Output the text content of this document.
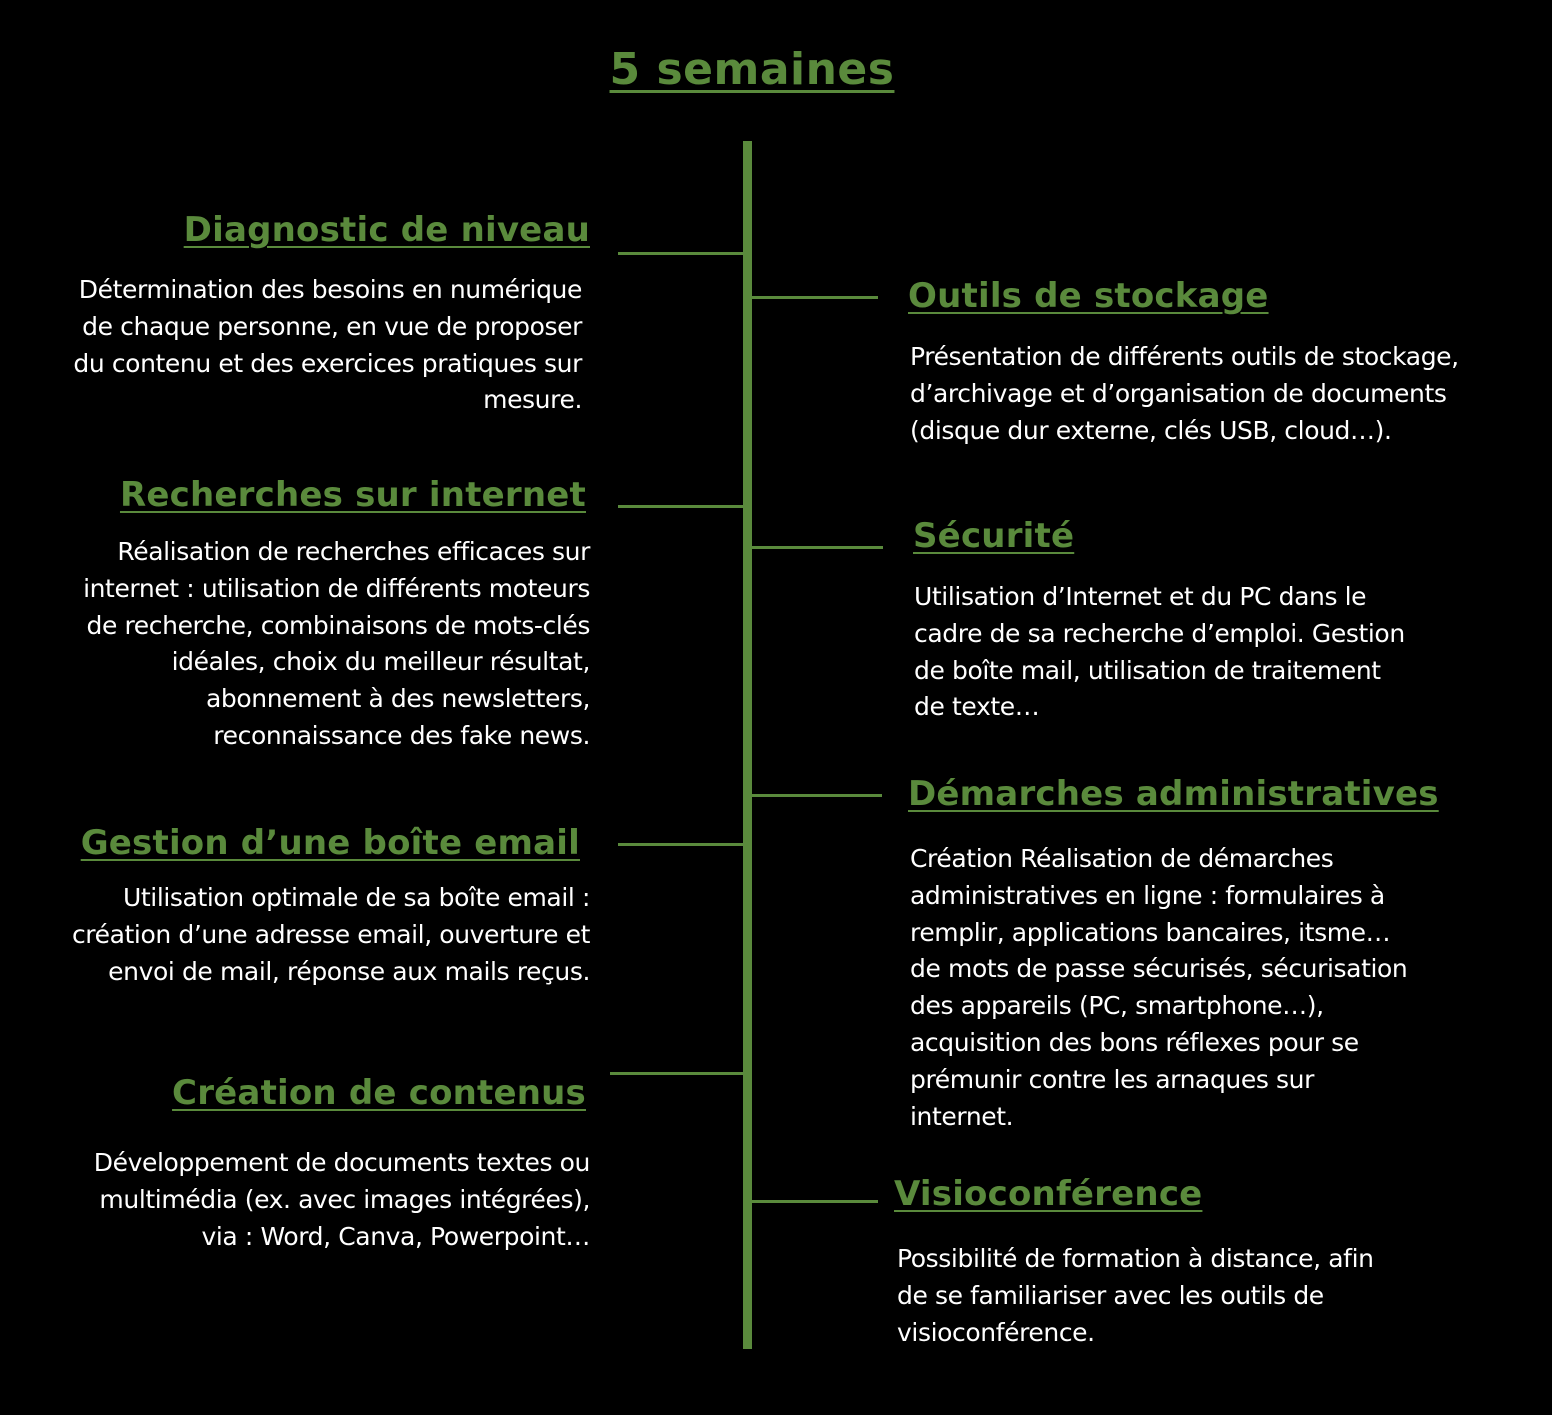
5 semaines
Diagnostic de niveau
Détermination des besoins en numérique
de chaque personne, en vue de proposer
du contenu et des exercices pratiques sur
mesure.
Recherches sur internet
Réalisation de recherches efficaces sur
internet : utilisation de différents moteurs
de recherche, combinaisons de mots-clés
idéales, choix du meilleur résultat,
abonnement à des newsletters,
reconnaissance des fake news.
Gestion d’une boîte email
Utilisation optimale de sa boîte email :
création d’une adresse email, ouverture et
envoi de mail, réponse aux mails reçus.
Création de contenus
Développement de documents textes ou
multimédia (ex. avec images intégrées),
via : Word, Canva, Powerpoint…
Outils de stockage
Présentation de différents outils de stockage,
d’archivage et d’organisation de documents
(disque dur externe, clés USB, cloud…).
Sécurité
Utilisation d’Internet et du PC dans le
cadre de sa recherche d’emploi. Gestion
de boîte mail, utilisation de traitement
de texte…
Démarches administratives
Création Réalisation de démarches
administratives en ligne : formulaires à
remplir, applications bancaires, itsme…
de mots de passe sécurisés, sécurisation
des appareils (PC, smartphone…),
acquisition des bons réflexes pour se
prémunir contre les arnaques sur
internet.
Visioconférence
Possibilité de formation à distance, afin
de se familiariser avec les outils de
visioconférence.
